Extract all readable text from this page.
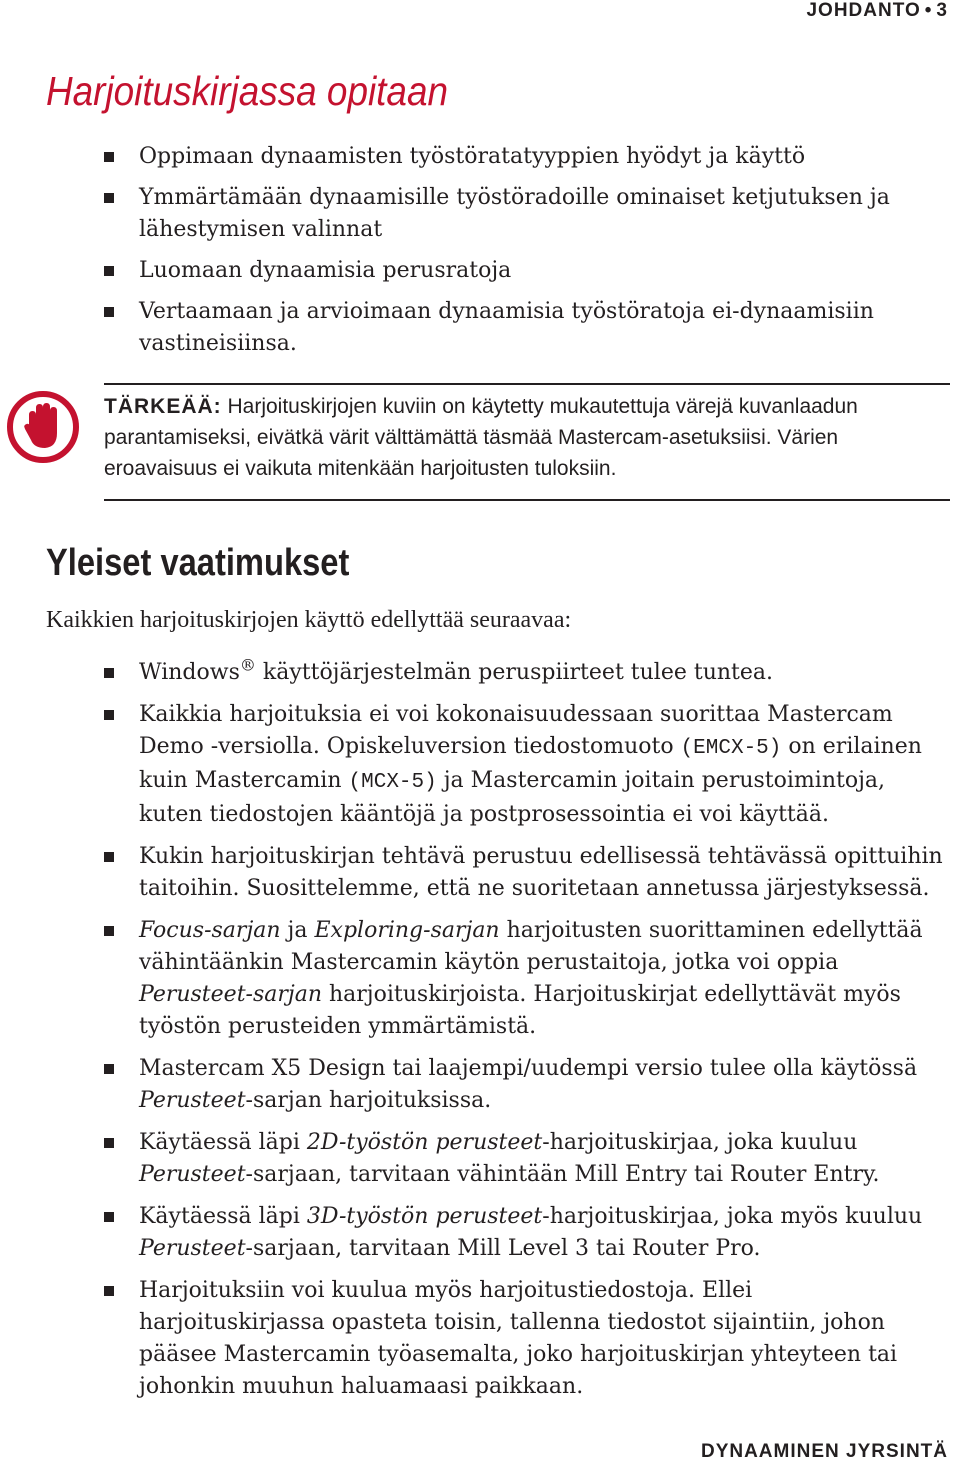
JOHDANTO • 3
Harjoituskirjassa opitaan
Oppimaan dynaamisten työstöratatyyppien hyödyt ja käyttö
Ymmärtämään dynaamisille työstöradoille ominaiset ketjutuksen ja lähestymisen valinnat
Luomaan dynaamisia perusratoja
Vertaamaan ja arvioimaan dynaamisia työstöratoja ei-dynaamisiin vastineisiinsa.
TÄRKEÄÄ: Harjoituskirjojen kuviin on käytetty mukautettuja värejä kuvanlaadun parantamiseksi, eivätkä värit välttämättä täsmää Mastercam-asetuksiisi. Värien eroavaisuus ei vaikuta mitenkään harjoitusten tuloksiin.
Yleiset vaatimukset

Kaikkien harjoituskirjojen käyttö edellyttää seuraavaa:

Windows® käyttöjärjestelmän peruspiirteet tulee tuntea.
Kaikkia harjoituksia ei voi kokonaisuudessaan suorittaa Mastercam Demo -versiolla. Opiskeluversion tiedostomuoto (EMCX-5) on erilainen kuin Mastercamin (MCX-5) ja Mastercamin joitain perustoimintoja, kuten tiedostojen kääntöjä ja postprosessointia ei voi käyttää.
Kukin harjoituskirjan tehtävä perustuu edellisessä tehtävässä opittuihin taitoihin. Suosittelemme, että ne suoritetaan annetussa järjestyksessä.
Focus-sarjan ja Exploring-sarjan harjoitusten suorittaminen edellyttää vähintäänkin Mastercamin käytön perustaitoja, jotka voi oppia Perusteet-sarjan harjoituskirjoista. Harjoituskirjat edellyttävät myös työstön perusteiden ymmärtämistä.
Mastercam X5 Design tai laajempi/uudempi versio tulee olla käytössä Perusteet-sarjan harjoituksissa.
Käytäessä läpi 2D-työstön perusteet-harjoituskirjaa, joka kuuluu Perusteet-sarjaan, tarvitaan vähintään Mill Entry tai Router Entry.
Käytäessä läpi 3D-työstön perusteet-harjoituskirjaa, joka myös kuuluu Perusteet-sarjaan, tarvitaan Mill Level 3 tai Router Pro.
Harjoituksiin voi kuulua myös harjoitustiedostoja. Ellei harjoituskirjassa opasteta toisin, tallenna tiedostot sijaintiin, johon pääsee Mastercamin työasemalta, joko harjoituskirjan yhteyteen tai johonkin muuhun haluamaasi paikkaan.
DYNAAMINEN JYRSINTÄ
